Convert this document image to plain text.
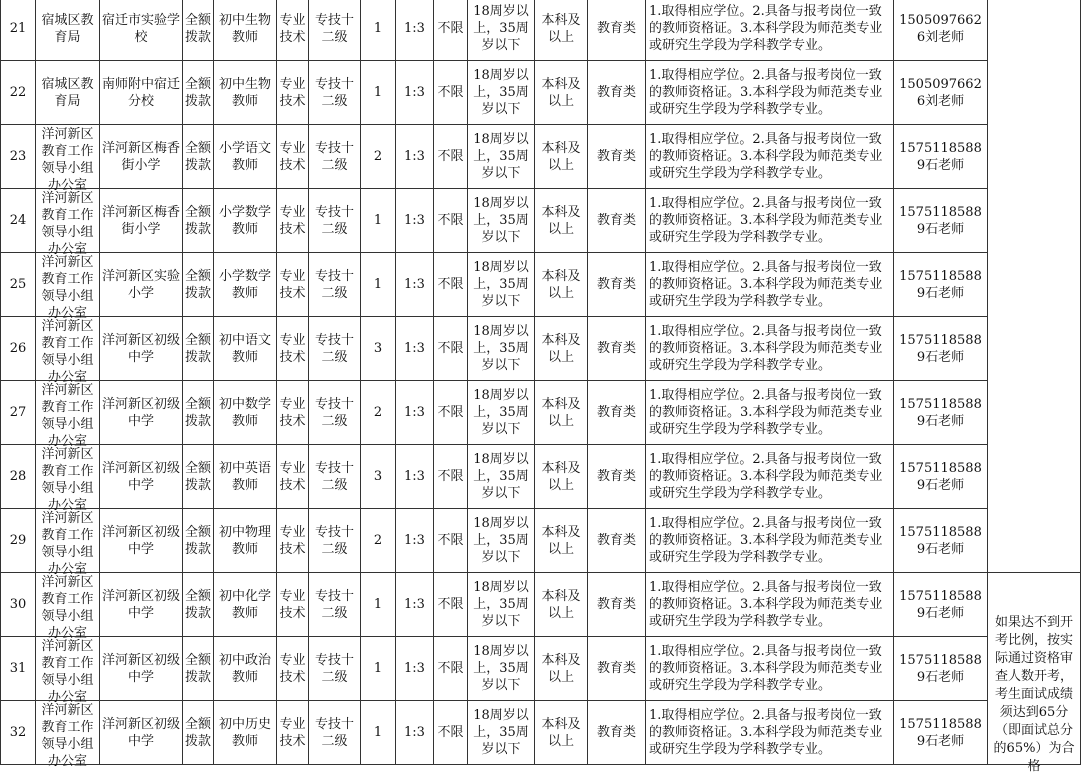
21	宿城区教育局	宿迁市实验学校	全额拨款	初中生物教师	专业技术	专技十二级	1	1:3	不限	18周岁以上，35周岁以下	本科及以上	教育类	1.取得相应学位。2.具备与报考岗位一致的教师资格证。3.本科学段为师范类专业或研究生学段为学科教学专业。	15050976626刘老师	

22	宿城区教育局	南师附中宿迁分校	全额拨款	初中生物教师	专业技术	专技十二级	1	1:3	不限	18周岁以上，35周岁以下	本科及以上	教育类	1.取得相应学位。2.具备与报考岗位一致的教师资格证。3.本科学段为师范类专业或研究生学段为学科教学专业。	15050976626刘老师	

23	洋河新区教育工作领导小组办公室	洋河新区梅香街小学	全额拨款	小学语文教师	专业技术	专技十二级	2	1:3	不限	18周岁以上，35周岁以下	本科及以上	教育类	1.取得相应学位。2.具备与报考岗位一致的教师资格证。3.本科学段为师范类专业或研究生学段为学科教学专业。	15751185889石老师	

24	洋河新区教育工作领导小组办公室	洋河新区梅香街小学	全额拨款	小学数学教师	专业技术	专技十二级	1	1:3	不限	18周岁以上，35周岁以下	本科及以上	教育类	1.取得相应学位。2.具备与报考岗位一致的教师资格证。3.本科学段为师范类专业或研究生学段为学科教学专业。	15751185889石老师	

25	洋河新区教育工作领导小组办公室	洋河新区实验小学	全额拨款	小学数学教师	专业技术	专技十二级	1	1:3	不限	18周岁以上，35周岁以下	本科及以上	教育类	1.取得相应学位。2.具备与报考岗位一致的教师资格证。3.本科学段为师范类专业或研究生学段为学科教学专业。	15751185889石老师	

26	洋河新区教育工作领导小组办公室	洋河新区初级中学	全额拨款	初中语文教师	专业技术	专技十二级	3	1:3	不限	18周岁以上，35周岁以下	本科及以上	教育类	1.取得相应学位。2.具备与报考岗位一致的教师资格证。3.本科学段为师范类专业或研究生学段为学科教学专业。	15751185889石老师	

27	洋河新区教育工作领导小组办公室	洋河新区初级中学	全额拨款	初中数学教师	专业技术	专技十二级	2	1:3	不限	18周岁以上，35周岁以下	本科及以上	教育类	1.取得相应学位。2.具备与报考岗位一致的教师资格证。3.本科学段为师范类专业或研究生学段为学科教学专业。	15751185889石老师	

28	洋河新区教育工作领导小组办公室	洋河新区初级中学	全额拨款	初中英语教师	专业技术	专技十二级	3	1:3	不限	18周岁以上，35周岁以下	本科及以上	教育类	1.取得相应学位。2.具备与报考岗位一致的教师资格证。3.本科学段为师范类专业或研究生学段为学科教学专业。	15751185889石老师	

29	洋河新区教育工作领导小组办公室	洋河新区初级中学	全额拨款	初中物理教师	专业技术	专技十二级	2	1:3	不限	18周岁以上，35周岁以下	本科及以上	教育类	1.取得相应学位。2.具备与报考岗位一致的教师资格证。3.本科学段为师范类专业或研究生学段为学科教学专业。	15751185889石老师	

30	洋河新区教育工作领导小组办公室	洋河新区初级中学	全额拨款	初中化学教师	专业技术	专技十二级	1	1:3	不限	18周岁以上，35周岁以下	本科及以上	教育类	1.取得相应学位。2.具备与报考岗位一致的教师资格证。3.本科学段为师范类专业或研究生学段为学科教学专业。	15751185889石老师	如果达不到开考比例，按实际通过资格审查人数开考，考生面试成绩须达到65分（即面试总分的65%）为合格

31	洋河新区教育工作领导小组办公室	洋河新区初级中学	全额拨款	初中政治教师	专业技术	专技十二级	1	1:3	不限	18周岁以上，35周岁以下	本科及以上	教育类	1.取得相应学位。2.具备与报考岗位一致的教师资格证。3.本科学段为师范类专业或研究生学段为学科教学专业。	15751185889石老师	

32	洋河新区教育工作领导小组办公室	洋河新区初级中学	全额拨款	初中历史教师	专业技术	专技十二级	1	1:3	不限	18周岁以上，35周岁以下	本科及以上	教育类	1.取得相应学位。2.具备与报考岗位一致的教师资格证。3.本科学段为师范类专业或研究生学段为学科教学专业。	15751185889石老师	
